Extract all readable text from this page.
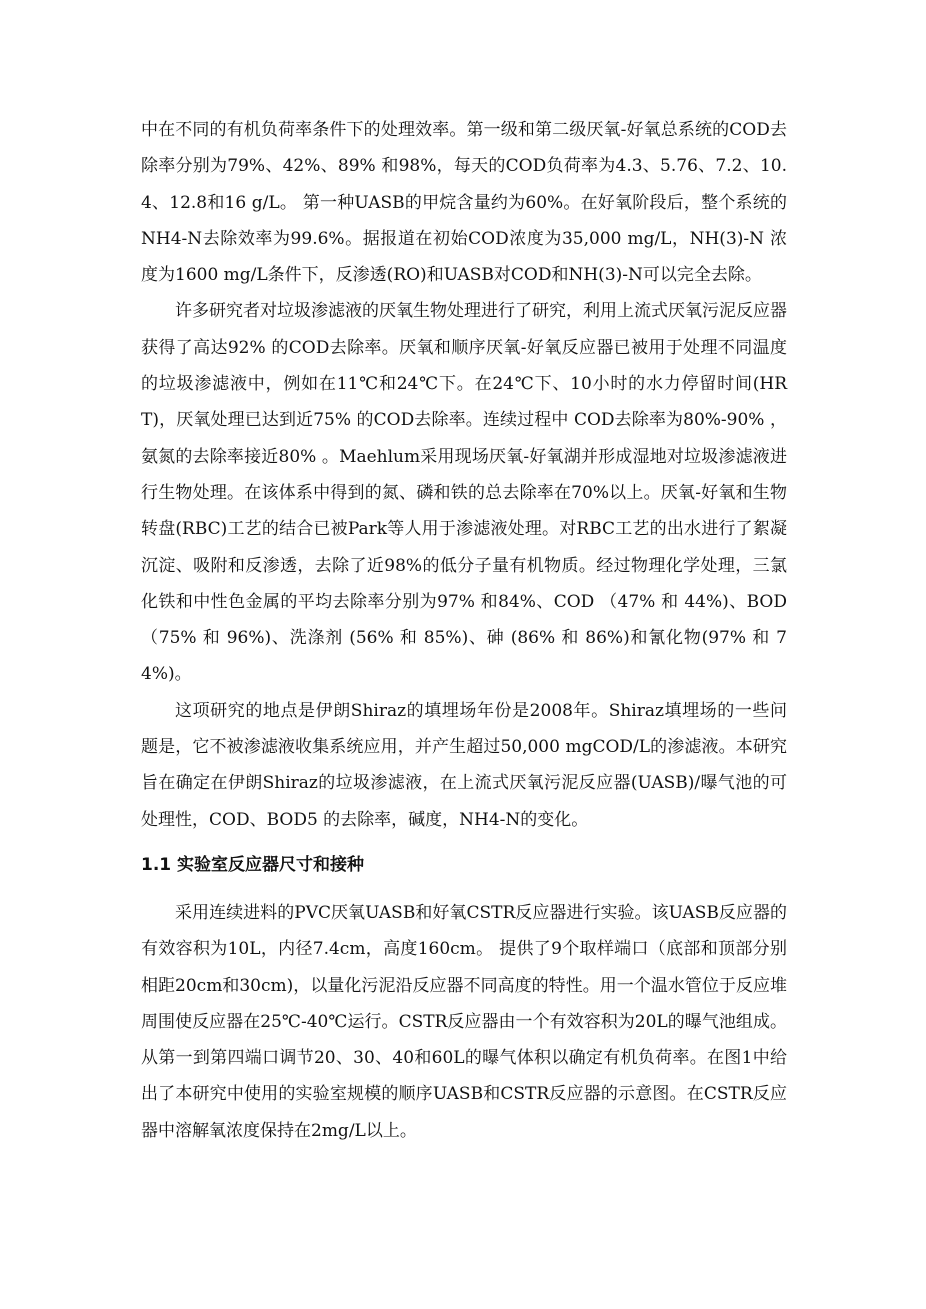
中在不同的有机负荷率条件下的处理效率。第一级和第二级厌氧-好氧总系统的COD去除率分别为79%、42%、89% 和98%，每天的COD负荷率为4.3、5.76、7.2、10.4、12.8和16 g/L。 第一种UASB的甲烷含量约为60%。在好氧阶段后，整个系统的NH4-N去除效率为99.6%。据报道在初始COD浓度为35,000 mg/L，NH(3)-N 浓度为1600 mg/L条件下，反渗透(RO)和UASB对COD和NH(3)-N可以完全去除。

许多研究者对垃圾渗滤液的厌氧生物处理进行了研究，利用上流式厌氧污泥反应器获得了高达92% 的COD去除率。厌氧和顺序厌氧-好氧反应器已被用于处理不同温度的垃圾渗滤液中，例如在11℃和24℃下。在24℃下、10小时的水力停留时间(HRT)，厌氧处理已达到近75% 的COD去除率。连续过程中 COD去除率为80%-90% ，氨氮的去除率接近80% 。Maehlum采用现场厌氧-好氧湖并形成湿地对垃圾渗滤液进行生物处理。在该体系中得到的氮、磷和铁的总去除率在70%以上。厌氧-好氧和生物转盘(RBC)工艺的结合已被Park等人用于渗滤液处理。对RBC工艺的出水进行了絮凝沉淀、吸附和反渗透，去除了近98%的低分子量有机物质。经过物理化学处理，三氯化铁和中性色金属的平均去除率分别为97% 和84%、COD （47% 和 44%)、BOD（75% 和 96%)、洗涤剂 (56% 和 85%)、砷 (86% 和 86%)和氰化物(97% 和 74%)。

这项研究的地点是伊朗Shiraz的填埋场年份是2008年。Shiraz填埋场的一些问题是，它不被渗滤液收集系统应用，并产生超过50,000 mgCOD/L的渗滤液。本研究旨在确定在伊朗Shiraz的垃圾渗滤液，在上流式厌氧污泥反应器(UASB)/曝气池的可处理性，COD、BOD5 的去除率，碱度，NH4-N的变化。

1.1 实验室反应器尺寸和接种

采用连续进料的PVC厌氧UASB和好氧CSTR反应器进行实验。该UASB反应器的有效容积为10L，内径7.4cm，高度160cm。 提供了9个取样端口（底部和顶部分别相距20cm和30cm)，以量化污泥沿反应器不同高度的特性。用一个温水管位于反应堆周围使反应器在25℃-40℃运行。CSTR反应器由一个有效容积为20L的曝气池组成。从第一到第四端口调节20、30、40和60L的曝气体积以确定有机负荷率。在图1中给出了本研究中使用的实验室规模的顺序UASB和CSTR反应器的示意图。在CSTR反应器中溶解氧浓度保持在2mg/L以上。
